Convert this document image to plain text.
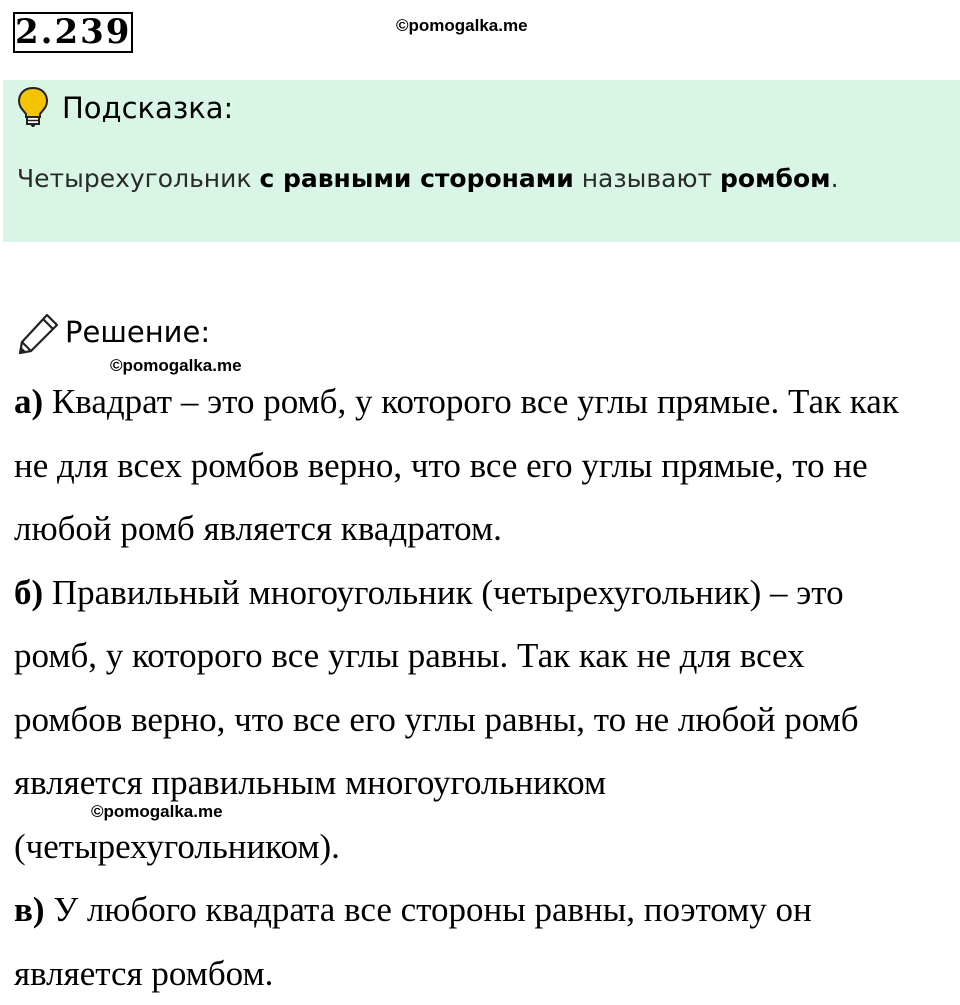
2.239	©pomogalka.me
Подсказка:
Четырехугольник с равными сторонами называют ромбом.
Решение:
©pomogalka.me

а) Квадрат – это ромб, у которого все углы прямые. Так как
не для всех ромбов верно, что все его углы прямые, то не
любой ромб является квадратом.

б) Правильный многоугольник (четырехугольник) – это
ромб, у которого все углы равны. Так как не для всех
ромбов верно, что все его углы равны, то не любой ромб
является правильным многоугольником
(четырехугольником).

в) У любого квадрата все стороны равны, поэтому он
является ромбом.

©pomogalka.me
